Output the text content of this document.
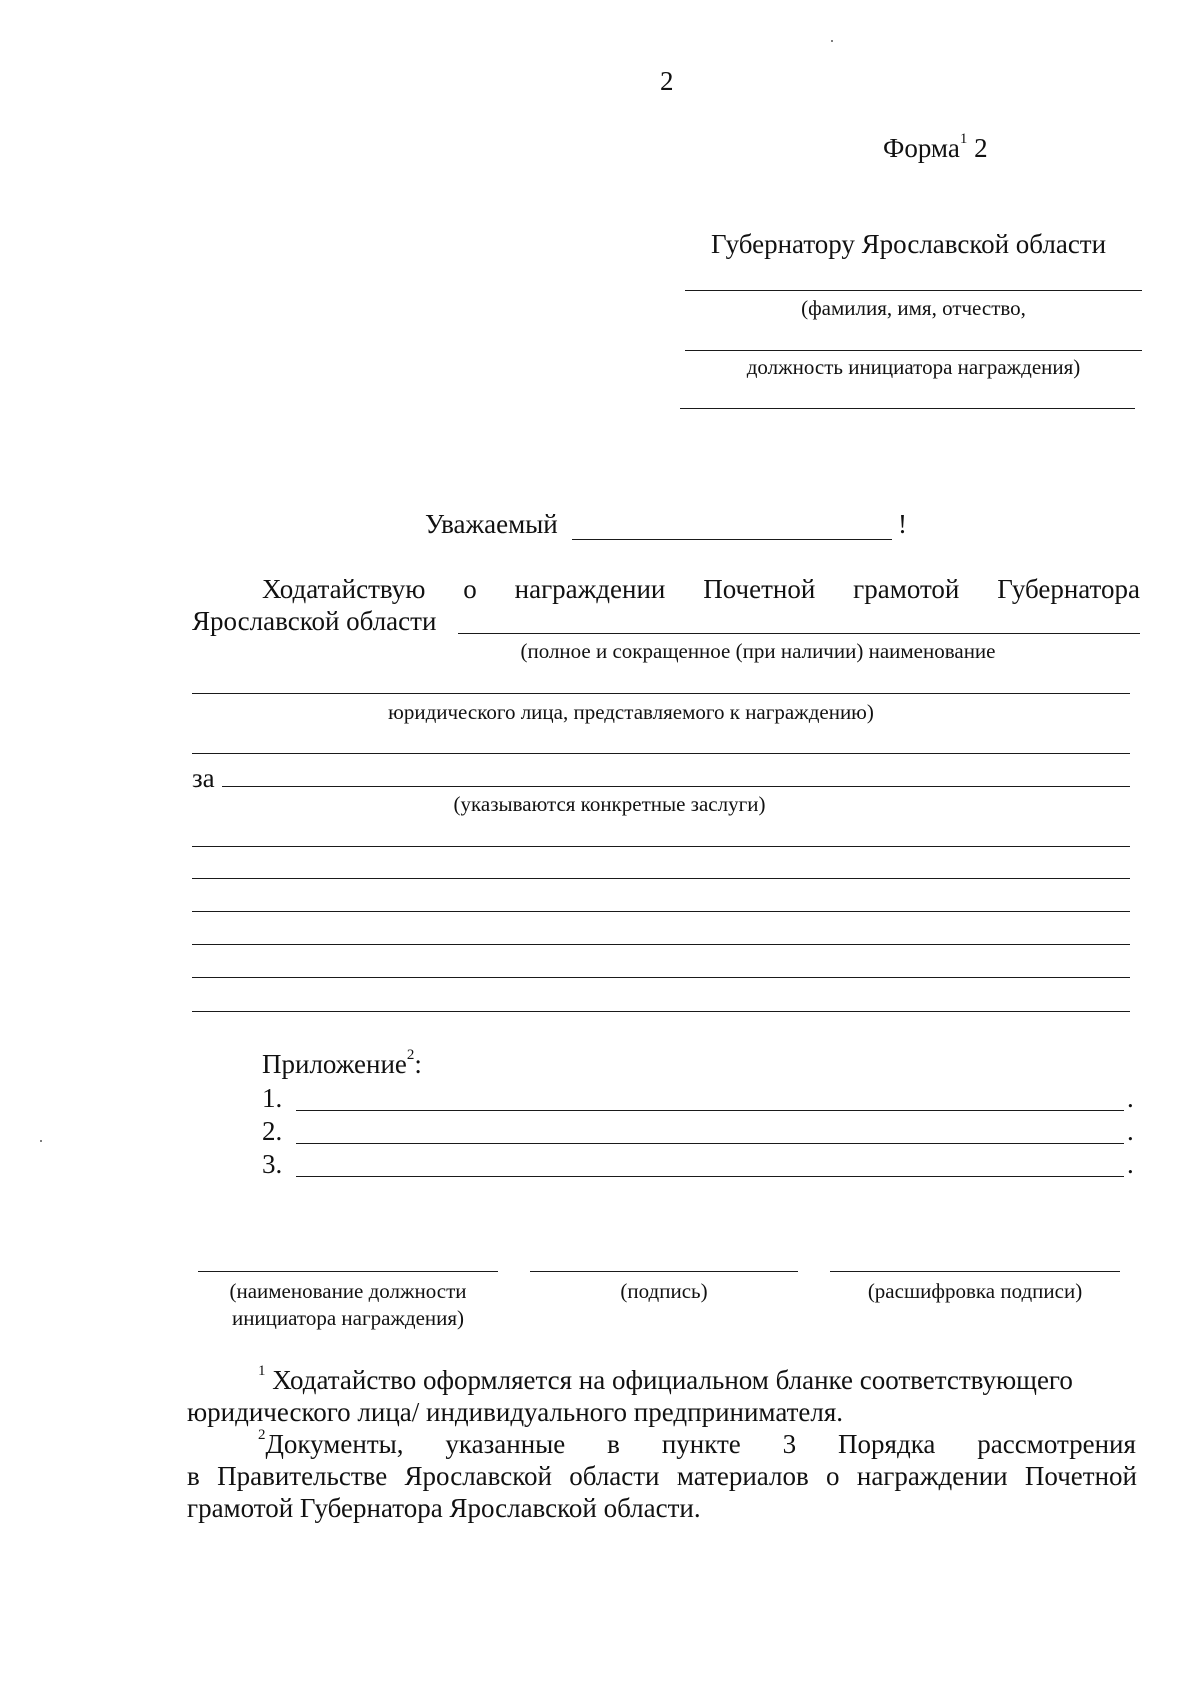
2
Форма$^1$ 2
Губернатору Ярославской области
(фамилия, имя, отчество,
должность инициатора награждения)
Уважаемый	!
Ходатайствую о награждении Почетной грамотой Губернатора
Ярославской области
(полное и сокращенное (при наличии) наименование
юридического лица, представляемого к награждению)
за
(указываются конкретные заслуги)
Приложение$^2$:
1.	.
2.	.
3.	.
(наименование должности
инициатора награждения)
(подпись)	(расшифровка подписи)
$^1$ Ходатайство оформляется на официальном бланке соответствующего
юридического лица/ индивидуального предпринимателя.
$^2$Документы, указанные в пункте 3 Порядка рассмотрения
в Правительстве Ярославской области материалов о награждении Почетной
грамотой Губернатора Ярославской области.
